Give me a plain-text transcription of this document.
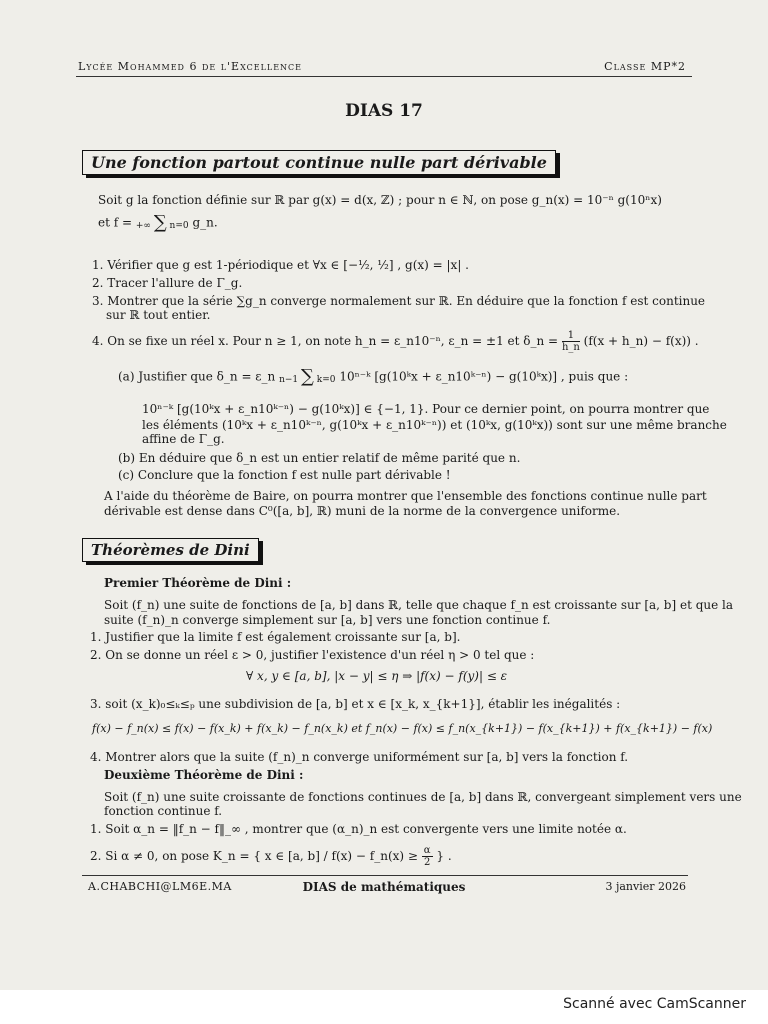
Lycée Mohammed 6 de l'Excellence	Classe MP*2
DIAS 17
Une fonction partout continue nulle part dérivable
Soit g la fonction définie sur ℝ par g(x) = d(x, ℤ) ; pour n ∈ ℕ, on pose g_n(x) = 10⁻ⁿ g(10ⁿx)
et f = +∞ ∑ n=0 g_n.
1. Vérifier que g est 1-périodique et ∀x ∈ [−½, ½] , g(x) = |x| .
2. Tracer l'allure de Γ_g.
3. Montrer que la série ∑g_n converge normalement sur ℝ. En déduire que la fonction f est continue
sur ℝ tout entier.
4. On se fixe un réel x. Pour n ≥ 1, on note h_n = ε_n10⁻ⁿ, ε_n = ±1 et δ_n = $\frac{1}{h\_n} (f(x$ + h_n) − f(x)) .
(a) Justifier que δ_n = ε_n n−1 ∑ k=0 10ⁿ⁻ᵏ [g(10ᵏx + ε_n10ᵏ⁻ⁿ) − g(10ᵏx)] , puis que :
10ⁿ⁻ᵏ [g(10ᵏx + ε_n10ᵏ⁻ⁿ) − g(10ᵏx)] ∈ {−1, 1}. Pour ce dernier point, on pourra montrer que
les éléments (10ᵏx + ε_n10ᵏ⁻ⁿ, g(10ᵏx + ε_n10ᵏ⁻ⁿ)) et (10ᵏx, g(10ᵏx)) sont sur une même branche
affine de Γ_g.
(b) En déduire que δ_n est un entier relatif de même parité que n.
(c) Conclure que la fonction f est nulle part dérivable !
A l'aide du théorème de Baire, on pourra montrer que l'ensemble des fonctions continue nulle part
dérivable est dense dans C⁰([a, b], ℝ) muni de la norme de la convergence uniforme.
Théorèmes de Dini
Premier Théorème de Dini :
Soit (f_n) une suite de fonctions de [a, b] dans ℝ, telle que chaque f_n est croissante sur [a, b] et que la
suite (f_n)_n converge simplement sur [a, b] vers une fonction continue f.
1. Justifier que la limite f est également croissante sur [a, b].
2. On se donne un réel ε > 0, justifier l'existence d'un réel η > 0 tel que :
∀ x, y ∈ [a, b], |x − y| ≤ η ⇒ |f(x) − f(y)| ≤ ε
3. soit (x_k)₀≤ₖ≤ₚ une subdivision de [a, b] et x ∈ [x_k, x_{k+1}], établir les inégalités :
f(x) − f_n(x) ≤ f(x) − f(x_k) + f(x_k) − f_n(x_k) et f_n(x) − f(x) ≤ f_n(x_{k+1}) − f(x_{k+1}) + f(x_{k+1}) − f(x)
4. Montrer alors que la suite (f_n)_n converge uniformément sur [a, b] vers la fonction f.
Deuxième Théorème de Dini :
Soit (f_n) une suite croissante de fonctions continues de [a, b] dans ℝ, convergeant simplement vers une
fonction continue f.
1. Soit α_n = ‖f_n − f‖_∞ , montrer que (α_n)_n est convergente vers une limite notée α.
2. Si α ≠ 0, on pose K_n = { x ∈ [a, b] / f(x) − f_n(x) ≥ $\frac{\alpha}{2}$ } .
A.CHABCHI@LM6E.MA	DIAS de mathématiques	3 janvier 2026
Scanné avec CamScanner
